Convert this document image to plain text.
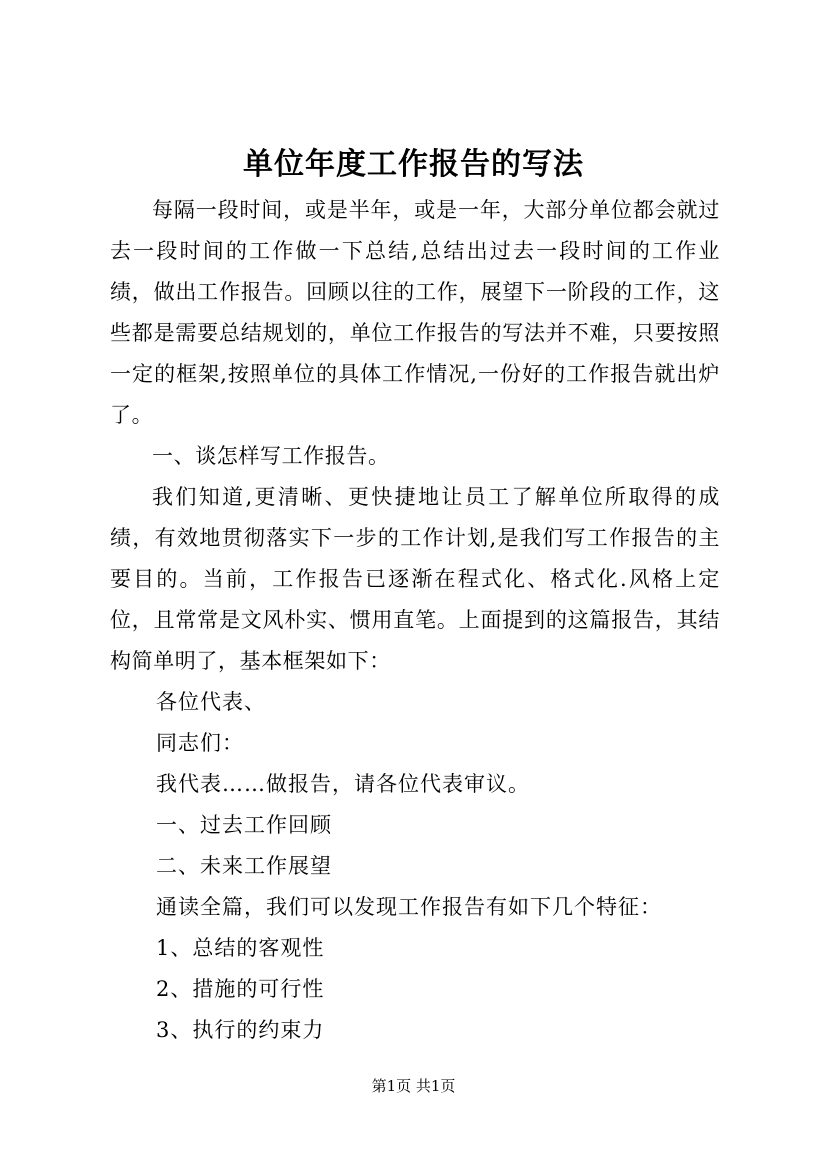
单位年度工作报告的写法

每隔一段时间，或是半年，或是一年，大部分单位都会就过去一段时间的工作做一下总结,总结出过去一段时间的工作业绩，做出工作报告。回顾以往的工作，展望下一阶段的工作，这些都是需要总结规划的，单位工作报告的写法并不难，只要按照一定的框架,按照单位的具体工作情况,一份好的工作报告就出炉了。

一、谈怎样写工作报告。

我们知道,更清晰、更快捷地让员工了解单位所取得的成绩，有效地贯彻落实下一步的工作计划,是我们写工作报告的主要目的。当前，工作报告已逐渐在程式化、格式化.风格上定位，且常常是文风朴实、惯用直笔。上面提到的这篇报告，其结构简单明了，基本框架如下：

各位代表、

同志们：

我代表……做报告，请各位代表审议。

一、过去工作回顾

二、未来工作展望

通读全篇，我们可以发现工作报告有如下几个特征：

1、总结的客观性

2、措施的可行性

3、执行的约束力

第1页 共1页
